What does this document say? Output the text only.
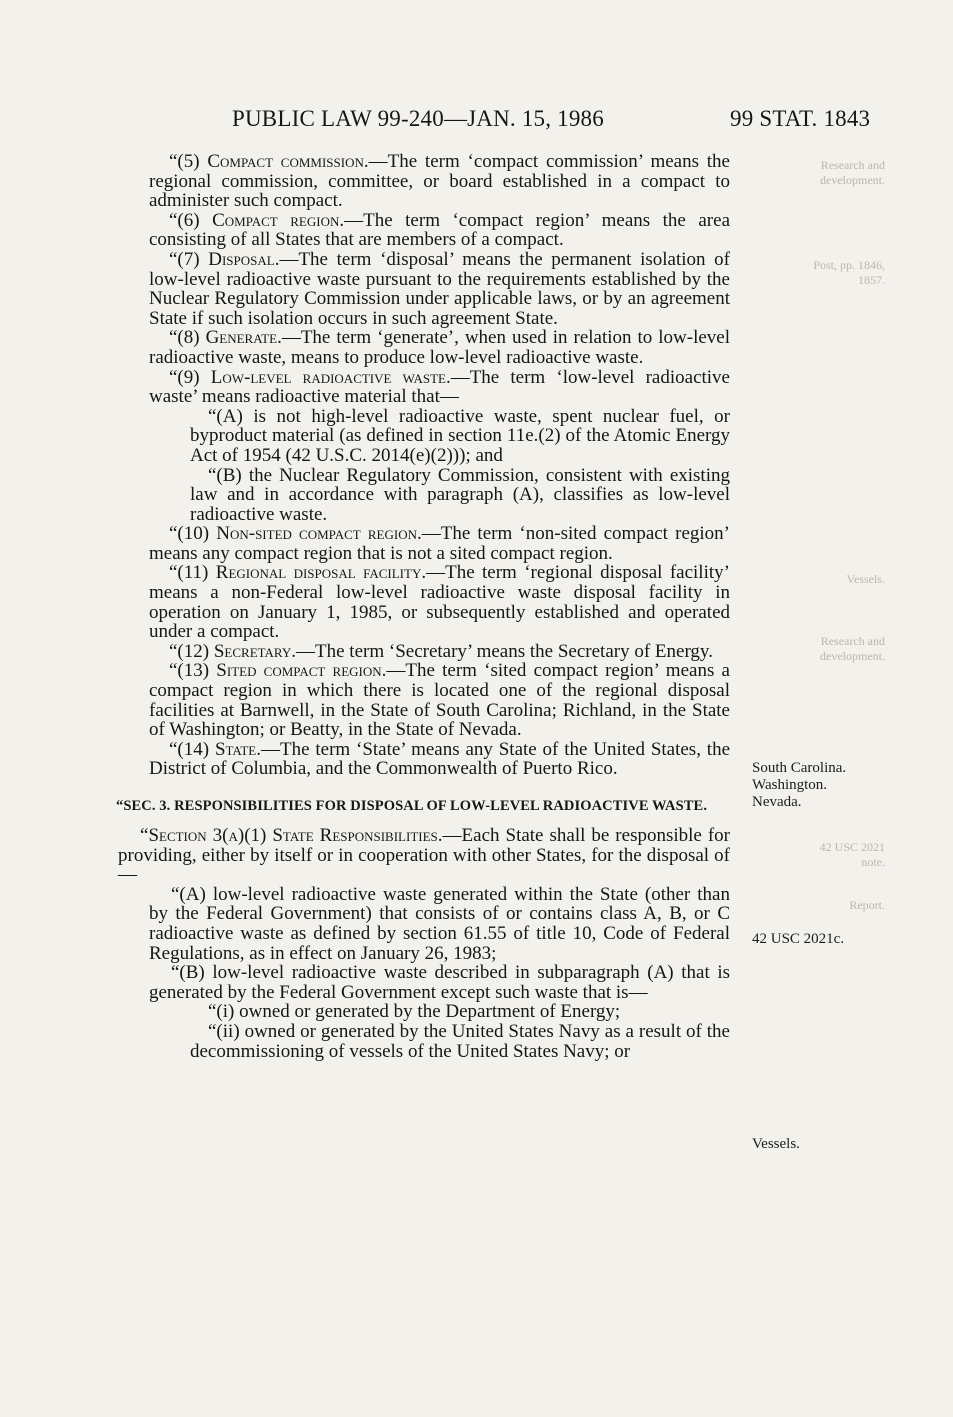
Research and
development.
Post, pp. 1846,
1857.
Vessels.
Research and
development.
42 USC 2021
note.
Report.
PUBLIC LAW 99-240—JAN. 15, 1986	99 STAT. 1843

“(5) Compact commission.—The term ‘compact commission’ means the regional commission, committee, or board established in a compact to administer such compact.

“(6) Compact region.—The term ‘compact region’ means the area consisting of all States that are members of a compact.

“(7) Disposal.—The term ‘disposal’ means the permanent isolation of low-level radioactive waste pursuant to the requirements established by the Nuclear Regulatory Commission under applicable laws, or by an agreement State if such isolation occurs in such agreement State.

“(8) Generate.—The term ‘generate’, when used in relation to low-level radioactive waste, means to produce low-level radioactive waste.

“(9) Low-level radioactive waste.—The term ‘low-level radioactive waste’ means radioactive material that—

“(A) is not high-level radioactive waste, spent nuclear fuel, or byproduct material (as defined in section 11e.(2) of the Atomic Energy Act of 1954 (42 U.S.C. 2014(e)(2))); and

“(B) the Nuclear Regulatory Commission, consistent with existing law and in accordance with paragraph (A), classifies as low-level radioactive waste.

“(10) Non-sited compact region.—The term ‘non-sited compact region’ means any compact region that is not a sited compact region.

“(11) Regional disposal facility.—The term ‘regional disposal facility’ means a non-Federal low-level radioactive waste disposal facility in operation on January 1, 1985, or subsequently established and operated under a compact.

“(12) Secretary.—The term ‘Secretary’ means the Secretary of Energy.

“(13) Sited compact region.—The term ‘sited compact region’ means a compact region in which there is located one of the regional disposal facilities at Barnwell, in the State of South Carolina; Richland, in the State of Washington; or Beatty, in the State of Nevada.

“(14) State.—The term ‘State’ means any State of the United States, the District of Columbia, and the Commonwealth of Puerto Rico.

“SEC. 3. RESPONSIBILITIES FOR DISPOSAL OF LOW-LEVEL RADIOACTIVE WASTE.

“Section 3(a)(1) State Responsibilities.—Each State shall be responsible for providing, either by itself or in cooperation with other States, for the disposal of—

“(A) low-level radioactive waste generated within the State (other than by the Federal Government) that consists of or contains class A, B, or C radioactive waste as defined by section 61.55 of title 10, Code of Federal Regulations, as in effect on January 26, 1983;

“(B) low-level radioactive waste described in subparagraph (A) that is generated by the Federal Government except such waste that is—

“(i) owned or generated by the Department of Energy;

“(ii) owned or generated by the United States Navy as a result of the decommissioning of vessels of the United States Navy; or

South Carolina.
Washington.
Nevada.
42 USC 2021c.
Vessels.
